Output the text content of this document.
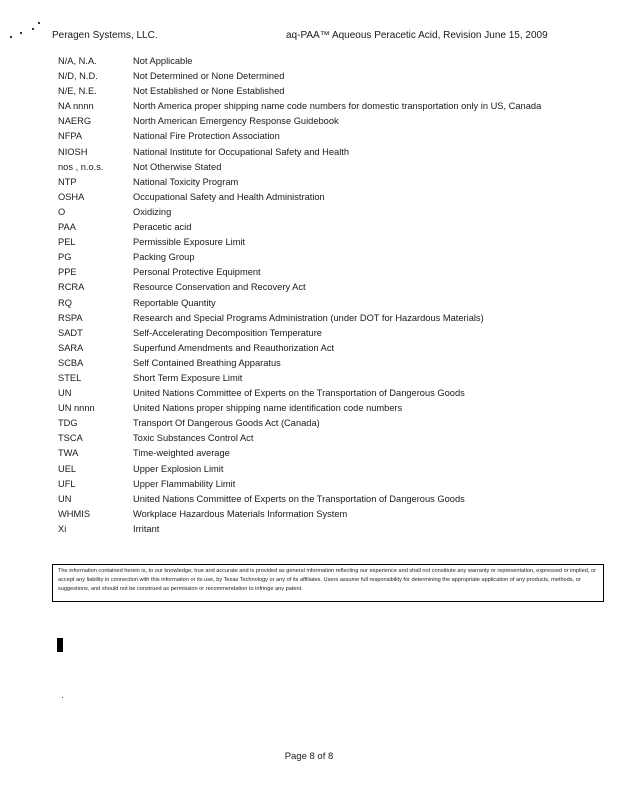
Peragen Systems, LLC.	aq-PAA™ Aqueous Peracetic Acid, Revision June 15, 2009
N/A, N.A.	Not Applicable
N/D, N.D.	Not Determined or None Determined
N/E, N.E.	Not Established or None Established
NA nnnn	North America proper shipping name code numbers for domestic transportation only in US, Canada
NAERG	North American Emergency Response Guidebook
NFPA	National Fire Protection Association
NIOSH	National Institute for Occupational Safety and Health
nos , n.o.s.	Not Otherwise Stated
NTP	National Toxicity Program
OSHA	Occupational Safety and Health Administration
O	Oxidizing
PAA	Peracetic acid
PEL	Permissible Exposure Limit
PG	Packing Group
PPE	Personal Protective Equipment
RCRA	Resource Conservation and Recovery Act
RQ	Reportable Quantity
RSPA	Research and Special Programs Administration (under DOT for Hazardous Materials)
SADT	Self-Accelerating Decomposition Temperature
SARA	Superfund Amendments and Reauthorization Act
SCBA	Self Contained Breathing Apparatus
STEL	Short Term Exposure Limit
UN	United Nations Committee of Experts on the Transportation of Dangerous Goods
UN nnnn	United Nations proper shipping name identification code numbers
TDG	Transport Of Dangerous Goods Act (Canada)
TSCA	Toxic Substances Control Act
TWA	Time-weighted average
UEL	Upper Explosion Limit
UFL	Upper Flammability Limit
UN	United Nations Committee of Experts on the Transportation of Dangerous Goods
WHMIS	Workplace Hazardous Materials Information System
Xi	Irritant
The information contained herein is, to our knowledge, true and accurate and is provided as general information reflecting our experience and shall not constitute any warranty or representation, expressed or implied, or accept any liability in connection with this information or its use, by Texas Technology or any of its affiliates. Users assume full responsibility for determining the appropriate application of any products, methods, or suggestions, and should not be construed as permission or recommendation to infringe any patent.
Page 8 of 8
